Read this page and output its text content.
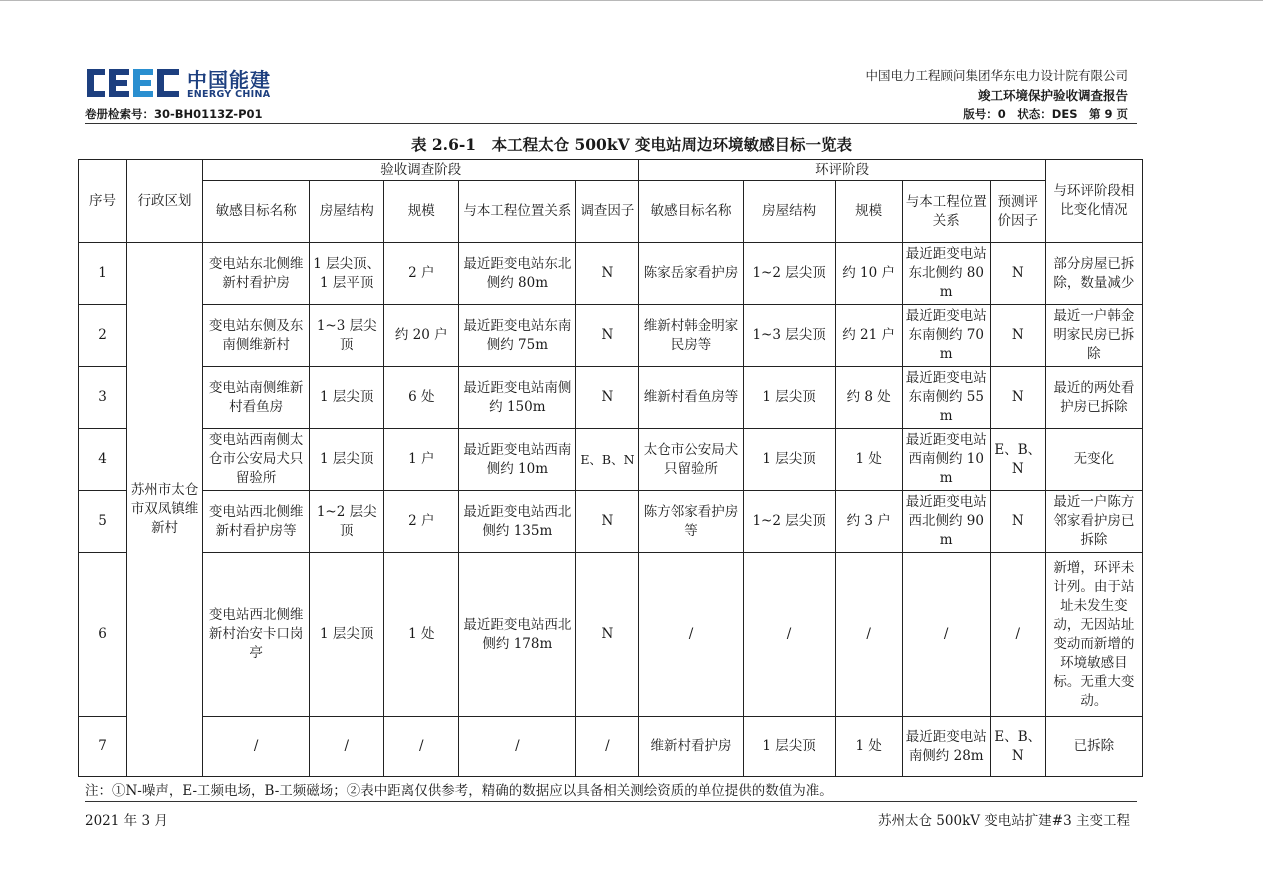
中国能建
ENERGY CHINA
中国电力工程顾问集团华东电力设计院有限公司
竣工环境保护验收调查报告
卷册检索号：30-BH0113Z-P01	版号：0　状态：DES　第 9 页
表 2.6-1　本工程太仓 500kV 变电站周边环境敏感目标一览表
序号	行政区划	验收调查阶段					环评阶段					与环评阶段相比变化情况
		敏感目标名称	房屋结构	规模	与本工程位置关系	调查因子	敏感目标名称	房屋结构	规模	与本工程位置关系	预测评价因子	
1	苏州市太仓市双凤镇维新村	变电站东北侧维新村看护房	1 层尖顶、1 层平顶	2 户	最近距变电站东北侧约 80m	N	陈家岳家看护房	1~2 层尖顶	约 10 户	最近距变电站东北侧约 80m	N	部分房屋已拆除，数量减少
2		变电站东侧及东南侧维新村	1~3 层尖顶	约 20 户	最近距变电站东南侧约 75m	N	维新村韩金明家民房等	1~3 层尖顶	约 21 户	最近距变电站东南侧约 70m	N	最近一户韩金明家民房已拆除
3		变电站南侧维新村看鱼房	1 层尖顶	6 处	最近距变电站南侧约 150m	N	维新村看鱼房等	1 层尖顶	约 8 处	最近距变电站东南侧约 55m	N	最近的两处看护房已拆除
4		变电站西南侧太仓市公安局犬只留验所	1 层尖顶	1 户	最近距变电站西南侧约 10m	E、B、N	太仓市公安局犬只留验所	1 层尖顶	1 处	最近距变电站西南侧约 10m	E、B、N	无变化
5		变电站西北侧维新村看护房等	1~2 层尖顶	2 户	最近距变电站西北侧约 135m	N	陈方邻家看护房等	1~2 层尖顶	约 3 户	最近距变电站西北侧约 90m	N	最近一户陈方邻家看护房已拆除
6		变电站西北侧维新村治安卡口岗亭	1 层尖顶	1 处	最近距变电站西北侧约 178m	N	/	/	/	/	/	新增，环评未计列。由于站址未发生变动，无因站址变动而新增的环境敏感目标。无重大变动。
7		/	/	/	/	/	维新村看护房	1 层尖顶	1 处	最近距变电站南侧约 28m	E、B、N	已拆除
注：①N-噪声，E-工频电场，B-工频磁场；②表中距离仅供参考，精确的数据应以具备相关测绘资质的单位提供的数值为准。
2021 年 3 月	苏州太仓 500kV 变电站扩建#3 主变工程
